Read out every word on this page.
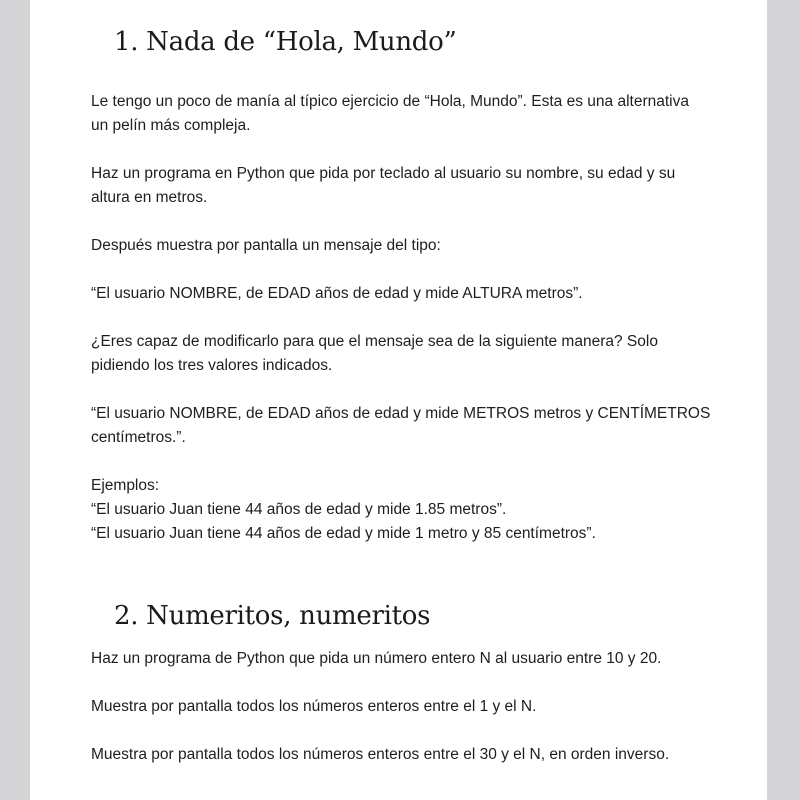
1. Nada de “Hola, Mundo”

Le tengo un poco de manía al típico ejercicio de “Hola, Mundo”. Esta es una alternativa
un pelín más compleja.

Haz un programa en Python que pida por teclado al usuario su nombre, su edad y su
altura en metros.

Después muestra por pantalla un mensaje del tipo:

“El usuario NOMBRE, de EDAD años de edad y mide ALTURA metros”.

¿Eres capaz de modificarlo para que el mensaje sea de la siguiente manera? Solo
pidiendo los tres valores indicados.

“El usuario NOMBRE, de EDAD años de edad y mide METROS metros y CENTÍMETROS
centímetros.”.

Ejemplos:
“El usuario Juan tiene 44 años de edad y mide 1.85 metros”.
“El usuario Juan tiene 44 años de edad y mide 1 metro y 85 centímetros”.

2. Numeritos, numeritos

Haz un programa de Python que pida un número entero N al usuario entre 10 y 20.

Muestra por pantalla todos los números enteros entre el 1 y el N.

Muestra por pantalla todos los números enteros entre el 30 y el N, en orden inverso.
